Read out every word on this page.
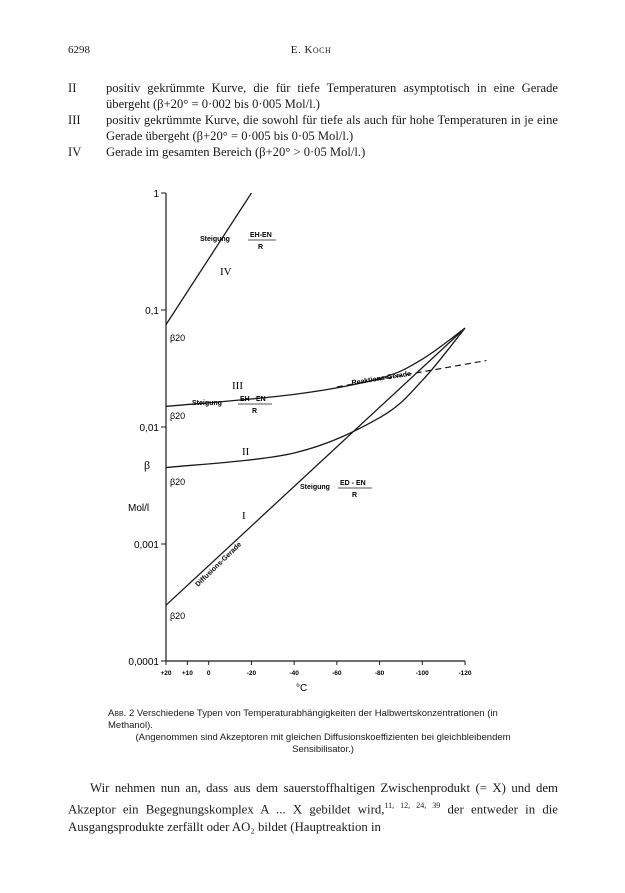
6298	E. Koch
II	positiv gekrümmte Kurve, die für tiefe Temperaturen asymptotisch in eine Gerade übergeht (β+20° = 0·002 bis 0·005 Mol/l.)
III	positiv gekrümmte Kurve, die sowohl für tiefe als auch für hohe Temperaturen in je eine Gerade übergeht (β+20° = 0·005 bis 0·05 Mol/l.)
IV	Gerade im gesamten Bereich (β+20° > 0·05 Mol/l.)
1
0,1
0,01
0,001
0,0001
+20 +10 0	-20	-40	-60	-80	-100	-120
β
Mol/l
°C
IV
III
II
I
β20
β20
β20
β20
Steigung
EH-EN
R
Steigung
EH - EN
R
Steigung
ED - EN
R
Reaktions-Gerade
Diffusions-Gerade
Abb. 2 Verschiedene Typen von Temperaturabhängigkeiten der Halbwertskonzentrationen (in Methanol).
(Angenommen sind Akzeptoren mit gleichen Diffusionskoeffizienten bei gleichbleibendem Sensibilisator.)

Wir nehmen nun an, dass aus dem sauerstoffhaltigen Zwischenprodukt (= X) und dem Akzeptor ein Begegnungskomplex A ... X gebildet wird,$^{11, 12, 24, 39}$ der entweder in die Ausgangsprodukte zerfällt oder AO₂ bildet (Hauptreaktion in
